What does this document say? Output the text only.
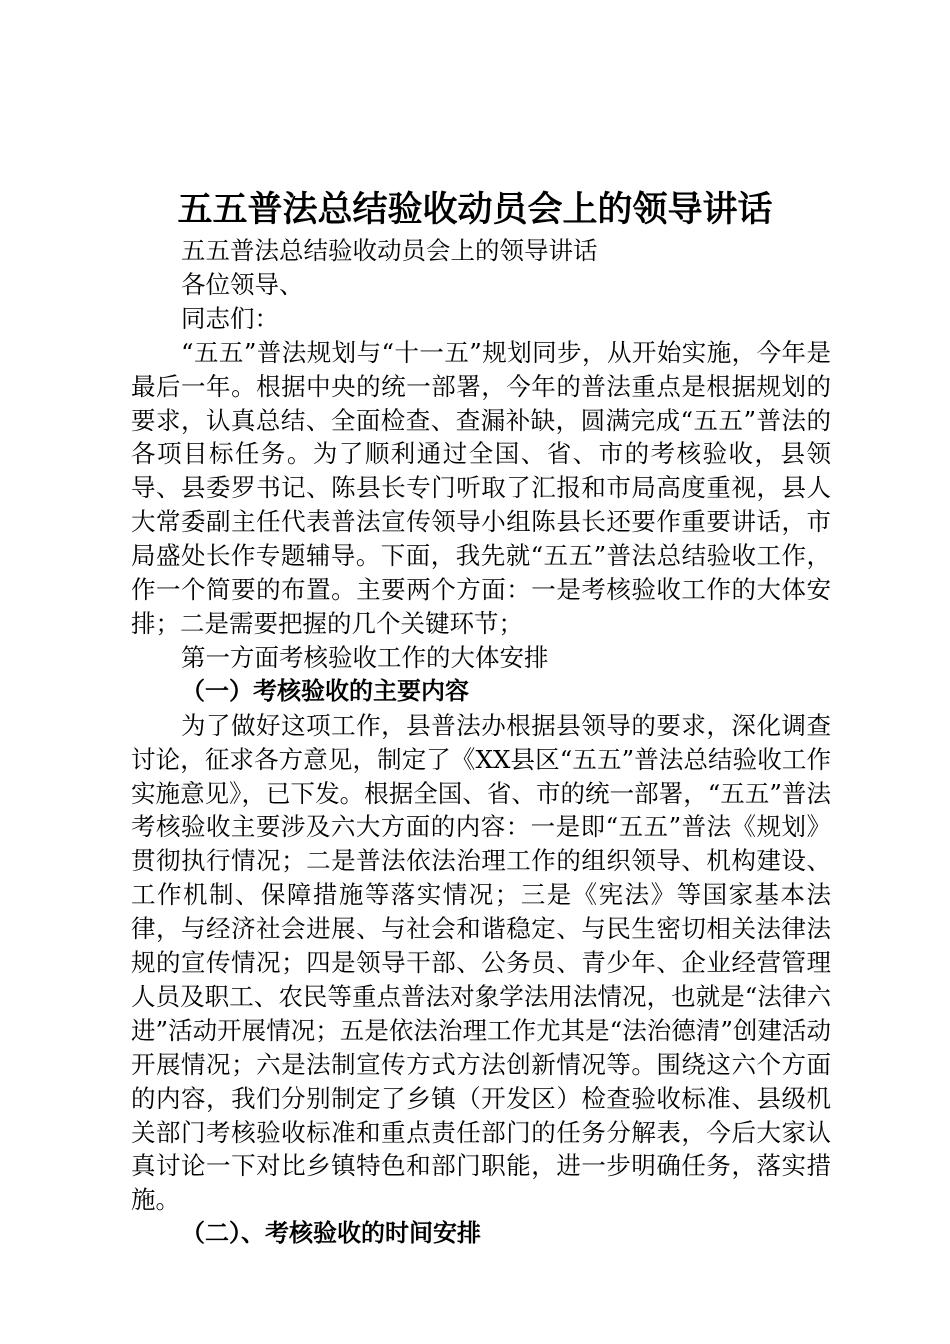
五五普法总结验收动员会上的领导讲话

五五普法总结验收动员会上的领导讲话

各位领导、

同志们：

“五五”普法规划与“十一五”规划同步，从开始实施，今年是最后一年。根据中央的统一部署，今年的普法重点是根据规划的要求，认真总结、全面检查、查漏补缺，圆满完成“五五”普法的各项目标任务。为了顺利通过全国、省、市的考核验收，县领导、县委罗书记、陈县长专门听取了汇报和市局高度重视，县人大常委副主任代表普法宣传领导小组陈县长还要作重要讲话，市局盛处长作专题辅导。下面，我先就“五五”普法总结验收工作，作一个简要的布置。主要两个方面：一是考核验收工作的大体安排；二是需要把握的几个关键环节；

第一方面考核验收工作的大体安排

（一）考核验收的主要内容

为了做好这项工作，县普法办根据县领导的要求，深化调查讨论，征求各方意见，制定了《XX县区“五五”普法总结验收工作实施意见》，已下发。根据全国、省、市的统一部署，“五五”普法考核验收主要涉及六大方面的内容：一是即“五五”普法《规划》贯彻执行情况；二是普法依法治理工作的组织领导、机构建设、工作机制、保障措施等落实情况；三是《宪法》等国家基本法律，与经济社会进展、与社会和谐稳定、与民生密切相关法律法规的宣传情况；四是领导干部、公务员、青少年、企业经营管理人员及职工、农民等重点普法对象学法用法情况，也就是“法律六进”活动开展情况；五是依法治理工作尤其是“法治德清”创建活动开展情况；六是法制宣传方式方法创新情况等。围绕这六个方面的内容，我们分别制定了乡镇（开发区）检查验收标准、县级机关部门考核验收标准和重点责任部门的任务分解表，今后大家认真讨论一下对比乡镇特色和部门职能，进一步明确任务，落实措施。

（二）、考核验收的时间安排
